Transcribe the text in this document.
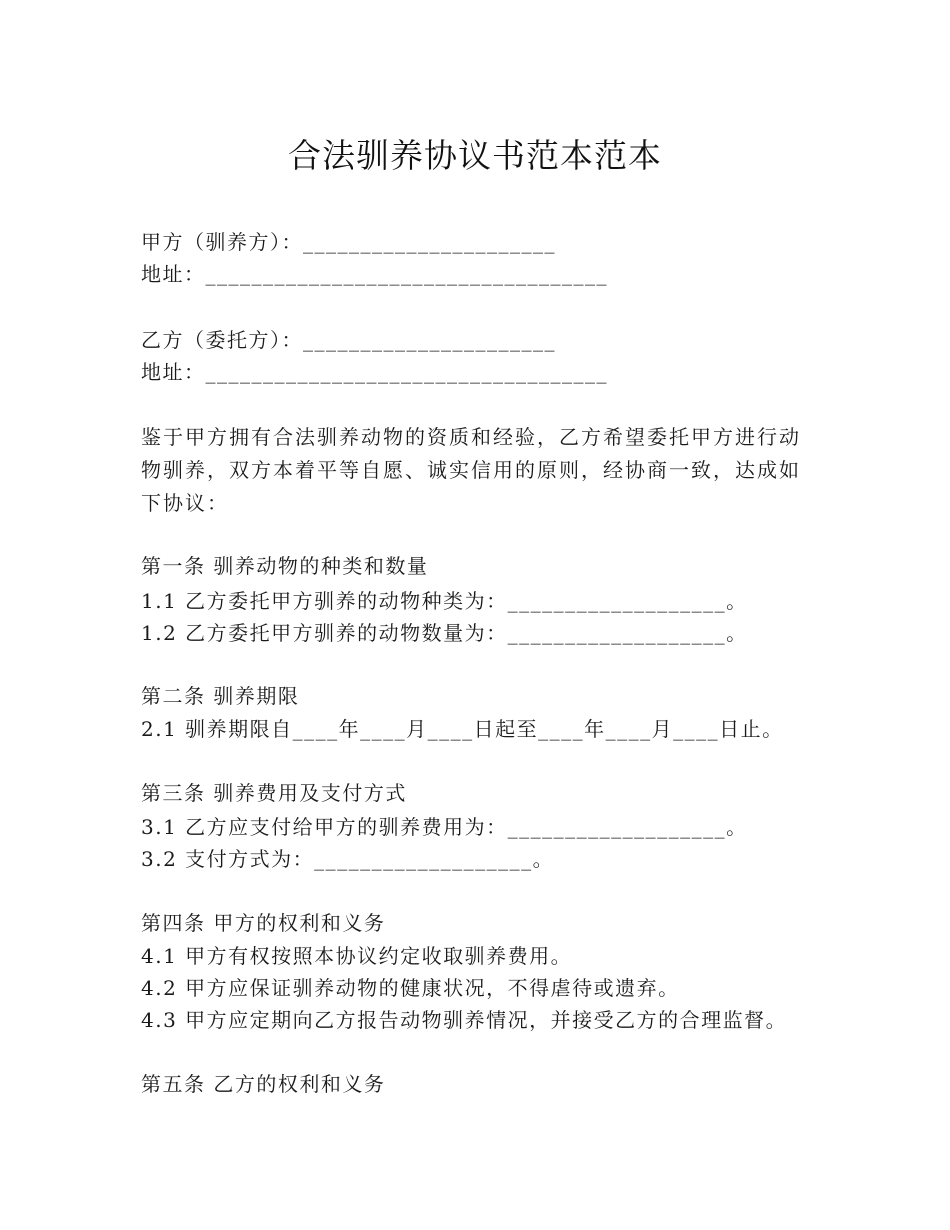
合法驯养协议书范本范本
甲方（驯养方）：______________________
地址：___________________________________
乙方（委托方）：______________________
地址：___________________________________
鉴于甲方拥有合法驯养动物的资质和经验，乙方希望委托甲方进行动物驯养，双方本着平等自愿、诚实信用的原则，经协商一致，达成如下协议：
第一条 驯养动物的种类和数量
1.1 乙方委托甲方驯养的动物种类为：___________________。
1.2 乙方委托甲方驯养的动物数量为：___________________。
第二条 驯养期限
2.1 驯养期限自____年____月____日起至____年____月____日止。
第三条 驯养费用及支付方式
3.1 乙方应支付给甲方的驯养费用为：___________________。
3.2 支付方式为：___________________。
第四条 甲方的权利和义务
4.1 甲方有权按照本协议约定收取驯养费用。
4.2 甲方应保证驯养动物的健康状况，不得虐待或遗弃。
4.3 甲方应定期向乙方报告动物驯养情况，并接受乙方的合理监督。
第五条 乙方的权利和义务
